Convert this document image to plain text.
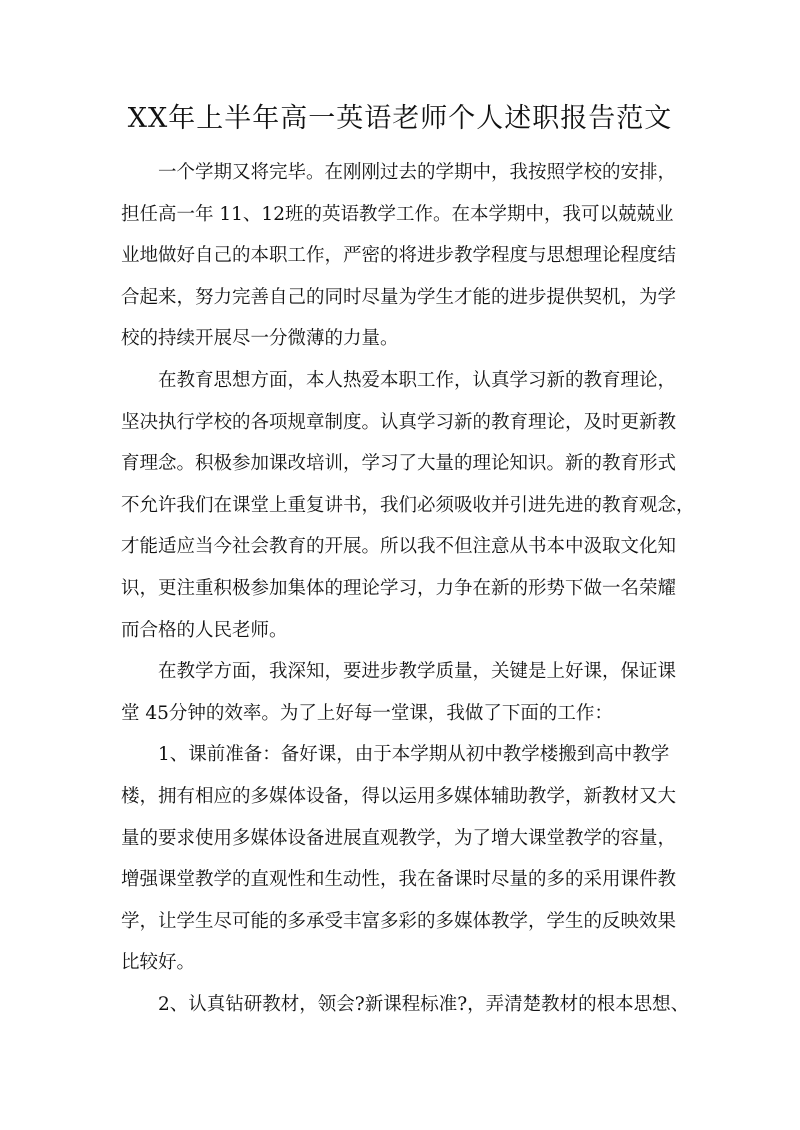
XX年上半年高一英语老师个人述职报告范文

一个学期又将完毕。在刚刚过去的学期中，我按照学校的安排，
担任高一年 11、12班的英语教学工作。在本学期中，我可以兢兢业
业地做好自己的本职工作，严密的将进步教学程度与思想理论程度结
合起来，努力完善自己的同时尽量为学生才能的进步提供契机，为学
校的持续开展尽一分微薄的力量。

在教育思想方面，本人热爱本职工作，认真学习新的教育理论，
坚决执行学校的各项规章制度。认真学习新的教育理论，及时更新教
育理念。积极参加课改培训，学习了大量的理论知识。新的教育形式
不允许我们在课堂上重复讲书，我们必须吸收并引进先进的教育观念，
才能适应当今社会教育的开展。所以我不但注意从书本中汲取文化知
识，更注重积极参加集体的理论学习，力争在新的形势下做一名荣耀
而合格的人民老师。

在教学方面，我深知，要进步教学质量，关键是上好课，保证课
堂 45分钟的效率。为了上好每一堂课，我做了下面的工作：

1、课前准备：备好课，由于本学期从初中教学楼搬到高中教学
楼，拥有相应的多媒体设备，得以运用多媒体辅助教学，新教材又大
量的要求使用多媒体设备进展直观教学，为了增大课堂教学的容量，
增强课堂教学的直观性和生动性，我在备课时尽量的多的采用课件教
学，让学生尽可能的多承受丰富多彩的多媒体教学，学生的反映效果
比较好。

2、认真钻研教材，领会?新课程标准?，弄清楚教材的根本思想、
